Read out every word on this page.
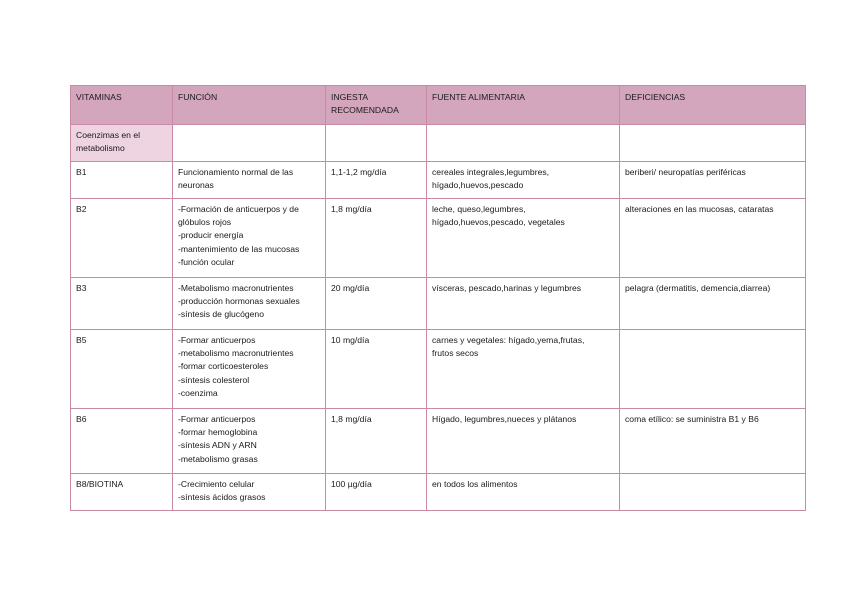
VITAMINAS	FUNCIÓN	INGESTA RECOMENDADA	FUENTE ALIMENTARIA	DEFICIENCIAS

Coenzimas en el
metabolismo				

B1	Funcionamiento normal de las
neuronas	1,1-1,2 mg/día	cereales integrales,legumbres,
hígado,huevos,pescado	beriberi/ neuropatías periféricas

B2	-Formación de anticuerpos y de
glóbulos rojos
-producir energía
-mantenimiento de las mucosas
-función ocular	1,8 mg/día	leche, queso,legumbres,
hígado,huevos,pescado, vegetales	alteraciones en las mucosas, cataratas

B3	-Metabolismo macronutrientes
-producción hormonas sexuales
-síntesis de glucógeno	20 mg/día	vísceras, pescado,harinas y legumbres	pelagra (dermatitis, demencia,diarrea)

B5	-Formar anticuerpos
-metabolismo macronutrientes
-formar corticoesteroles
-síntesis colesterol
-coenzima	10 mg/día	carnes y vegetales: hígado,yema,frutas,
frutos secos	

B6	-Formar anticuerpos
-formar hemoglobina
-síntesis ADN y ARN
-metabolismo grasas	1,8 mg/día	Hígado, legumbres,nueces y plátanos	coma etílico: se suministra B1 y B6

B8/BIOTINA	-Crecimiento celular
-síntesis ácidos grasos	100 µg/día	en todos los alimentos	
